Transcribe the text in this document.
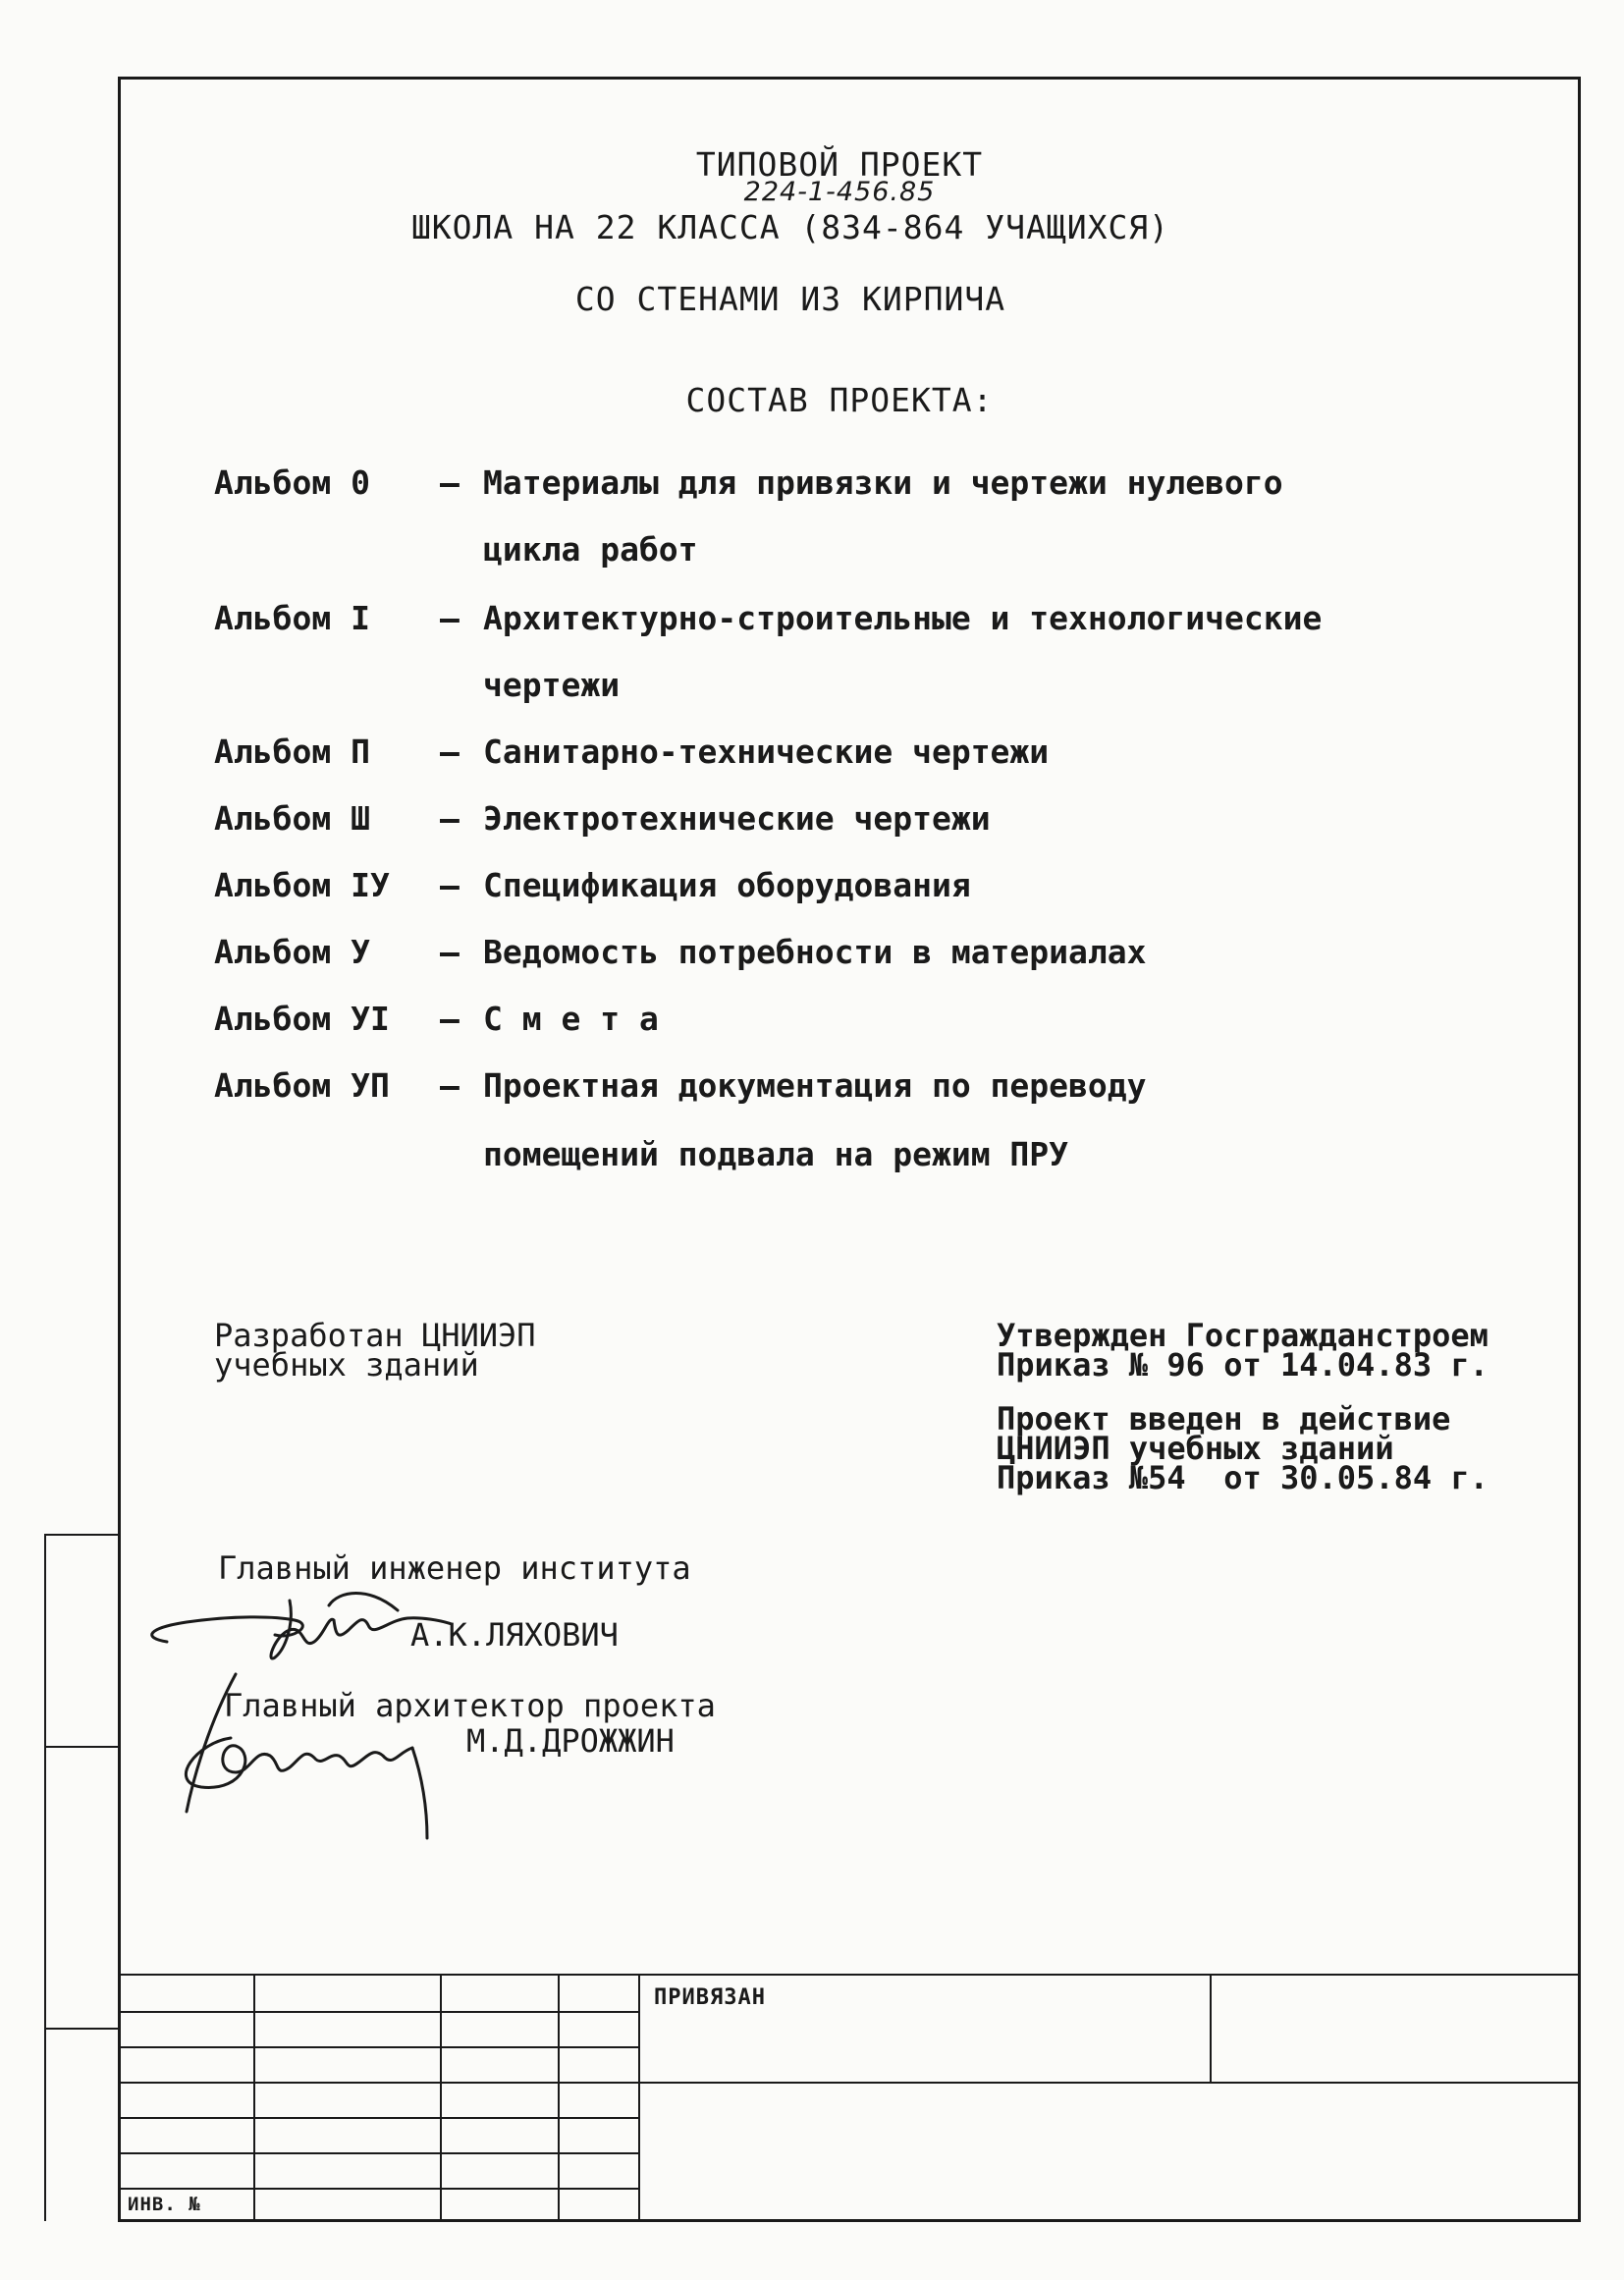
ТИПОВОЙ ПРОЕКТ
224-1-456.85
ШКОЛА НА 22 КЛАССА (834-864 УЧАЩИХСЯ)
СО СТЕНАМИ ИЗ КИРПИЧА
СОСТАВ ПРОЕКТА:
Альбом 0 – Материалы для привязки и чертежи нулевого
цикла работ
Альбом I – Архитектурно-строительные и технологические
чертежи
Альбом П – Санитарно-технические чертежи
Альбом Ш – Электротехнические чертежи
Альбом IУ – Спецификация оборудования
Альбом У – Ведомость потребности в материалах
Альбом УI – С м е т а
Альбом УП – Проектная документация по переводу
помещений подвала на режим ПРУ
Разработан ЦНИИЭП
учебных зданий
Утвержден Госгражданстроем
Приказ № 96 от 14.04.83 г.
Проект введен в действие
ЦНИИЭП учебных зданий
Приказ №54  от 30.05.84 г.
Главный инженер института
А.К.ЛЯХОВИЧ
Главный архитектор проекта
М.Д.ДРОЖЖИН
ПРИВЯЗАН
ИНВ. №
